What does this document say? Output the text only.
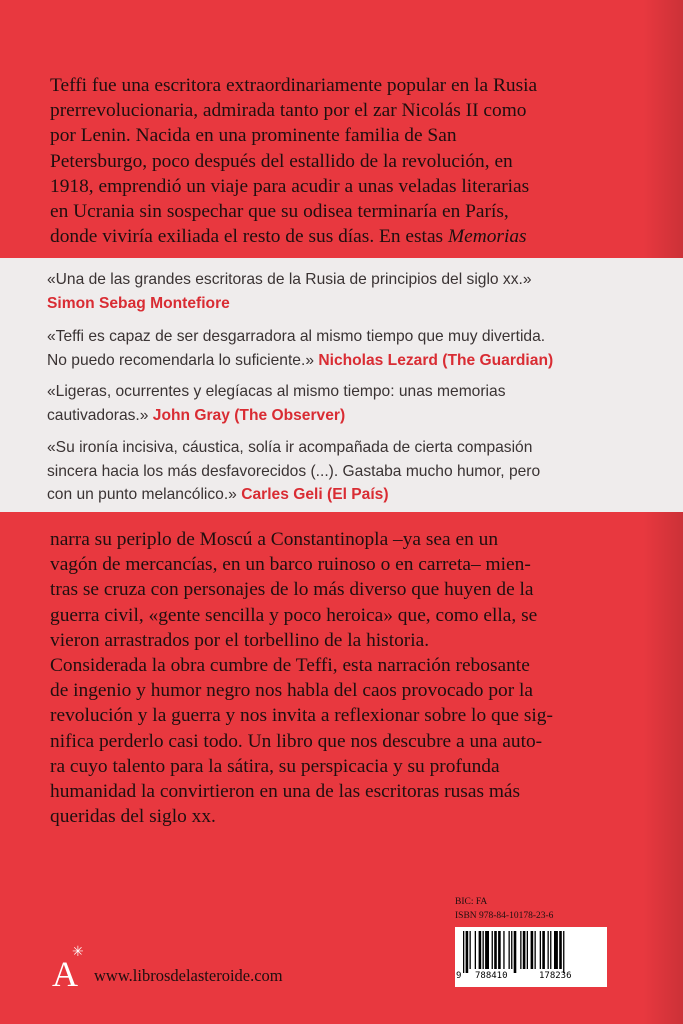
Teffi fue una escritora extraordinariamente popular en la Rusia
prerrevolucionaria, admirada tanto por el zar Nicolás II como
por Lenin. Nacida en una prominente familia de San
Petersburgo, poco después del estallido de la revolución, en
1918, emprendió un viaje para acudir a unas veladas literarias
en Ucrania sin sospechar que su odisea terminaría en París,
donde viviría exiliada el resto de sus días. En estas Memorias
«Una de las grandes escritoras de la Rusia de principios del siglo xx.»
Simon Sebag Montefiore
«Teffi es capaz de ser desgarradora al mismo tiempo que muy divertida.
No puedo recomendarla lo suficiente.» Nicholas Lezard (The Guardian)
«Ligeras, ocurrentes y elegíacas al mismo tiempo: unas memorias
cautivadoras.» John Gray (The Observer)
«Su ironía incisiva, cáustica, solía ir acompañada de cierta compasión
sincera hacia los más desfavorecidos (...). Gastaba mucho humor, pero
con un punto melancólico.» Carles Geli (El País)
narra su periplo de Moscú a Constantinopla –ya sea en un
vagón de mercancías, en un barco ruinoso o en carreta– mien-
tras se cruza con personajes de lo más diverso que huyen de la
guerra civil, «gente sencilla y poco heroica» que, como ella, se
vieron arrastrados por el torbellino de la historia.
Considerada la obra cumbre de Teffi, esta narración rebosante
de ingenio y humor negro nos habla del caos provocado por la
revolución y la guerra y nos invita a reflexionar sobre lo que sig-
nifica perderlo casi todo. Un libro que nos descubre a una auto-
ra cuyo talento para la sátira, su perspicacia y su profunda
humanidad la convirtieron en una de las escritoras rusas más
queridas del siglo xx.
BIC: FA
ISBN 978-84-10178-23-6
9 788410	178236
A
✳
www.librosdelasteroide.com
